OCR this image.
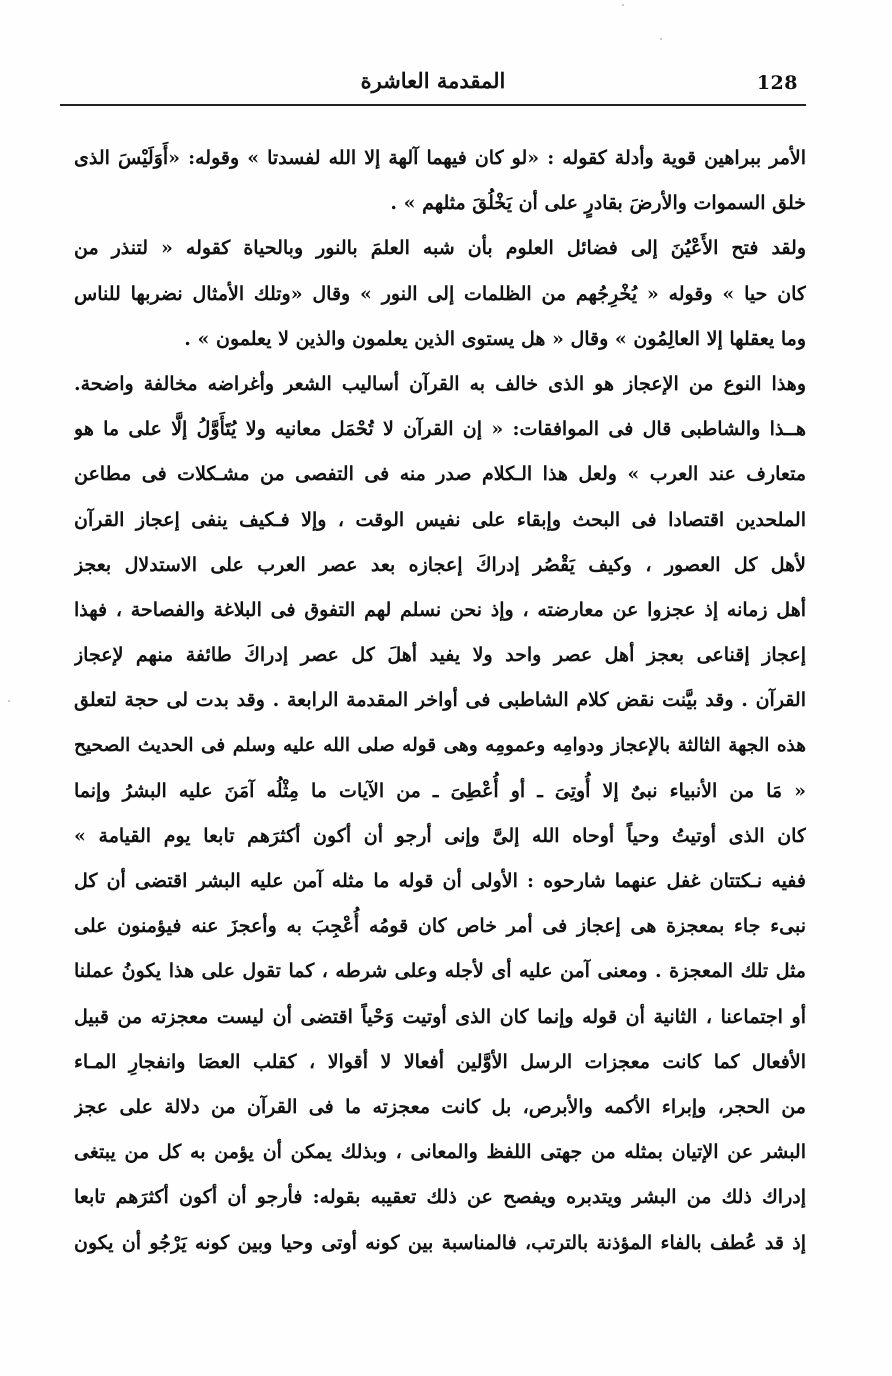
المقدمة العاشرة	128
الأمر ببراهين قوية وأدلة كقوله : «لو كان فيهما آلهة إلا الله لفسدتا » وقوله: «أَوَلَيْسَ الذى
خلق السموات والأرضَ بقادرٍ على أن يَخْلُقَ مثلهم » .
ولقد فتح الأَعْيُنَ إلى فضائل العلوم بأن شبه العلمَ بالنور وبالحياة كقوله « لتنذر من
كان حيا » وقوله « يُخْرِجُهم من الظلمات إلى النور » وقال «وتلك الأمثال نضربها للناس
وما يعقلها إلا العالِمُون » وقال « هل يستوى الذين يعلمون والذين لا يعلمون » .
وهذا النوع من الإعجاز هو الذى خالف به القرآن أساليب الشعر وأغراضه مخالفة واضحة.
هــذا والشاطبى قال فى الموافقات: « إن القرآن لا تُحْمَل معانيه ولا يُتَأَوَّلُ إلَّا على ما هو
متعارف عند العرب » ولعل هذا الـكلام صدر منه فى التفصى من مشـكلات فى مطاعن
الملحدين اقتصادا فى البحث وإبقاء على نفيس الوقت ، وإلا فـكيف ينفى إعجاز القرآن
لأهل كل العصور ، وكيف يَقْصُر إدراكَ إعجازه بعد عصر العرب على الاستدلال بعجز
أهل زمانه إذ عجزوا عن معارضته ، وإذ نحن نسلم لهم التفوق فى البلاغة والفصاحة ، فهذا
إعجاز إقناعى بعجز أهل عصر واحد ولا يفيد أهلَ كل عصر إدراكَ طائفة منهم لإعجاز
القرآن . وقد بيَّنت نقض كلام الشاطبى فى أواخر المقدمة الرابعة . وقد بدت لى حجة لتعلق
هذه الجهة الثالثة بالإعجاز ودوامِه وعمومِه وهى قوله صلى الله عليه وسلم فى الحديث الصحيح
« مَا من الأنبياء نبىٌ إلا أُوتِىَ ـ أو أُعْطِىَ ـ من الآيات ما مِثْلُه آمَنَ عليه البشرُ وإنما
كان الذى أوتيتُ وحياً أوحاه الله إلىَّ وإنى أرجو أن أكون أكثرَهم تابعا يوم القيامة »
ففيه نـكتتان غفل عنهما شارحوه : الأولى أن قوله ما مثله آمن عليه البشر اقتضى أن كل
نبىء جاء بمعجزة هى إعجاز فى أمر خاص كان قومُه أُعْجِبَ به وأعجزَ عنه فيؤمنون على
مثل تلك المعجزة . ومعنى آمن عليه أى لأجله وعلى شرطه ، كما تقول على هذا يكونُ عملنا
أو اجتماعنا ، الثانية أن قوله وإنما كان الذى أوتيت وَحْياً اقتضى أن ليست معجزته من قبيل
الأفعال كما كانت معجزات الرسل الأوَّلين أفعالا لا أقوالا ، كقلب العصَا وانفجارِ المـاء
من الحجر، وإبراء الأكمه والأبرص، بل كانت معجزته ما فى القرآن من دلالة على عجز
البشر عن الإتيان بمثله من جهتى اللفظ والمعانى ، وبذلك يمكن أن يؤمن به كل من يبتغى
إدراك ذلك من البشر ويتدبره ويفصح عن ذلك تعقيبه بقوله: فأرجو أن أكون أكثرَهم تابعا
إذ قد عُطف بالفاء المؤذنة بالترتب، فالمناسبة بين كونه أوتى وحيا وبين كونه يَرْجُو أن يكون
